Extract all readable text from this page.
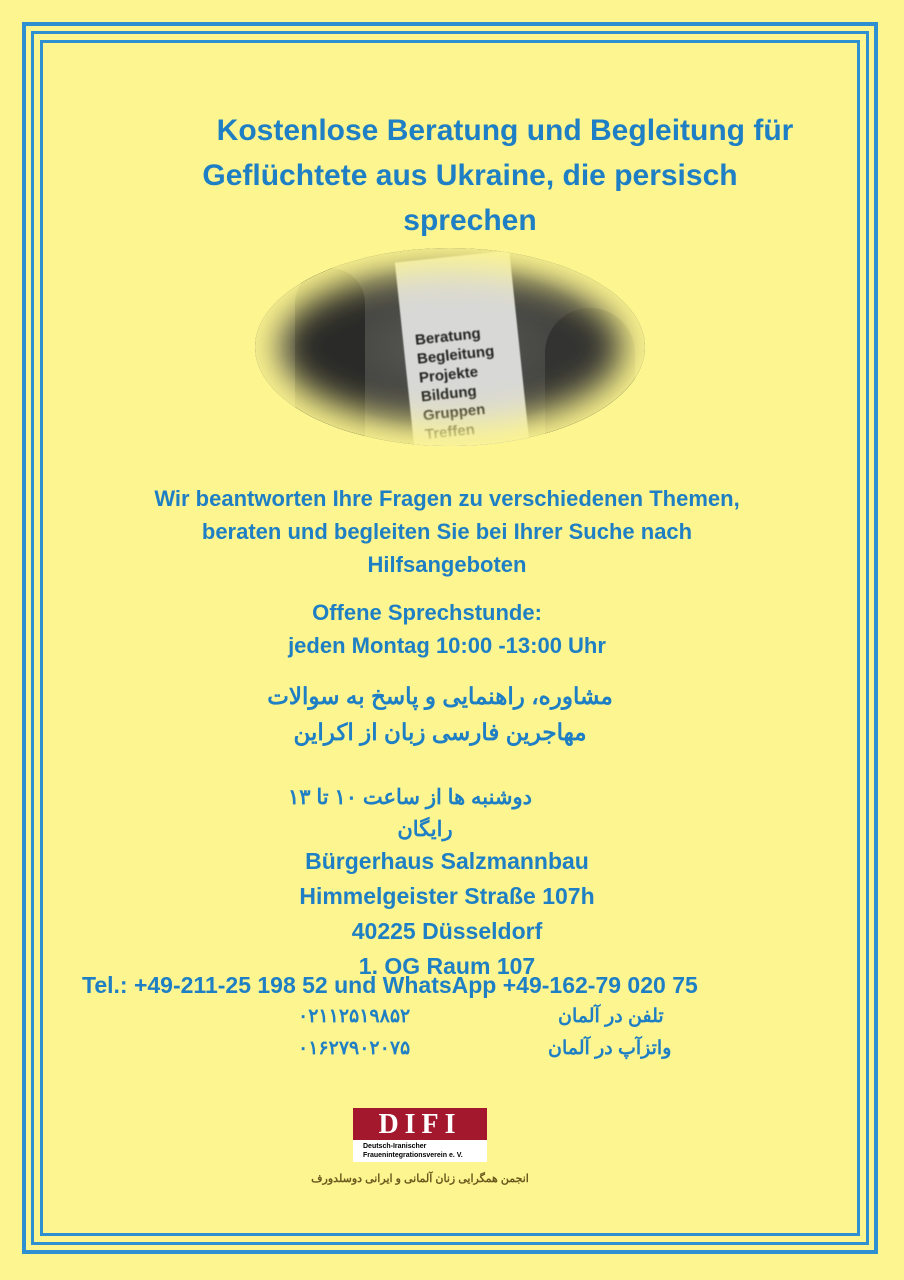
Kostenlose Beratung und Begleitung für
Geflüchtete aus Ukraine, die persisch
sprechen
Beratung
Begleitung
Projekte
Bildung
Gruppen
Treffen
Wir beantworten Ihre Fragen zu verschiedenen Themen,
beraten und begleiten Sie bei Ihrer Suche nach
Hilfsangeboten
Offene Sprechstunde:
jeden Montag 10:00 -13:00 Uhr
مشاوره، راهنمایی و پاسخ به سوالات
مهاجرین فارسی زبان از اکراین
دوشنبه ها از ساعت ۱۰ تا ۱۳
رایگان
Bürgerhaus Salzmannbau
Himmelgeister Straße 107h
40225 Düsseldorf
1. OG Raum 107
Tel.: +49-211-25 198 52 und WhatsApp +49-162-79 020 75
تلفن در آلمان
۰۲۱۱۲۵۱۹۸۵۲
واتزآپ در آلمان
۰۱۶۲۷۹۰۲۰۷۵
DIFI
Deutsch-Iranischer
Frauenintegrationsverein e. V.
انجمن همگرایی زنان آلمانی و ایرانی دوسلدورف
